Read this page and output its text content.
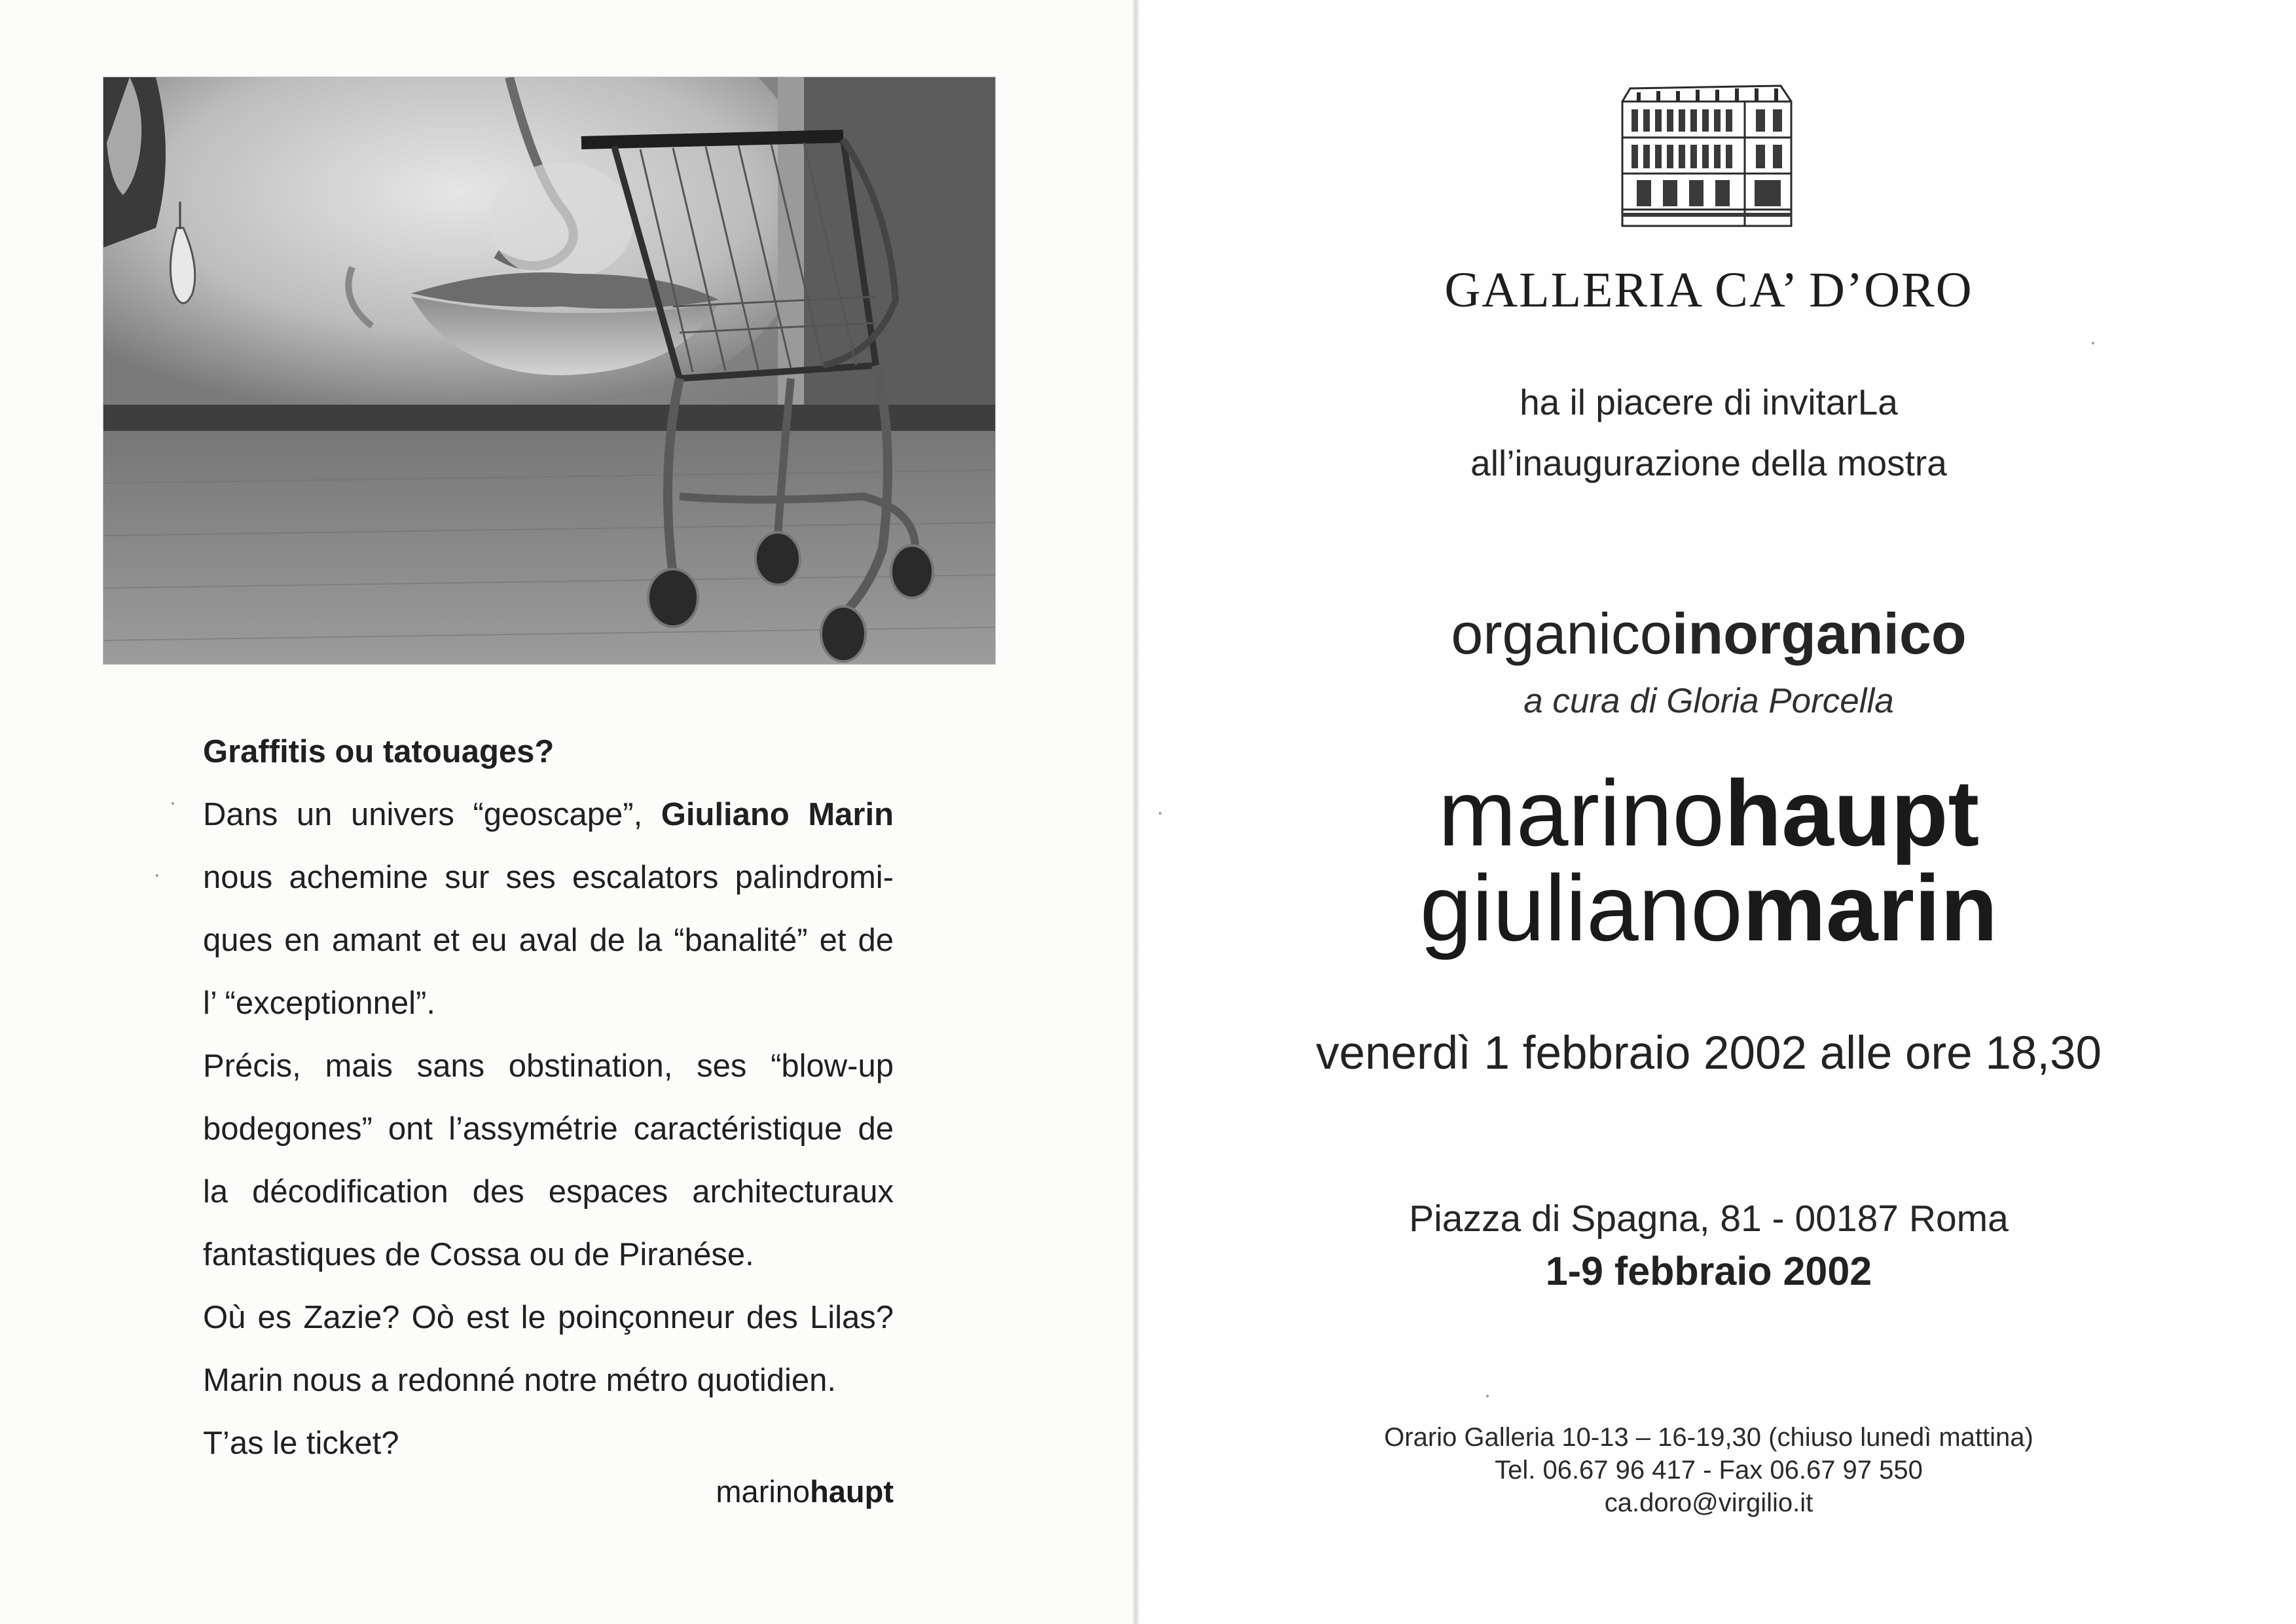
Graffitis ou tatouages?

Dans un univers “geoscape”, Giuliano Marin

nous achemine sur ses escalators palindromi-

ques en amant et eu aval de la “banalité” et de

l’ “exceptionnel”.

Précis, mais sans obstination, ses “blow-up

bodegones” ont l’assymétrie caractéristique de

la décodification des espaces architecturaux

fantastiques de Cossa ou de Piranése.

Où es Zazie? Oò est le poinçonneur des Lilas?

Marin nous a redonné notre métro quotidien.

T’as le ticket?

marinohaupt
GALLERIA CA’ D’ORO
ha il piacere di invitarLa
all’inaugurazione della mostra
organicoinorganico
a cura di Gloria Porcella
marinohaupt
giulianomarin
venerdì 1 febbraio 2002 alle ore 18,30
Piazza di Spagna, 81 - 00187 Roma
1-9 febbraio 2002
Orario Galleria 10-13 – 16-19,30 (chiuso lunedì mattina)
Tel. 06.67 96 417 - Fax 06.67 97 550
ca.doro@virgilio.it
